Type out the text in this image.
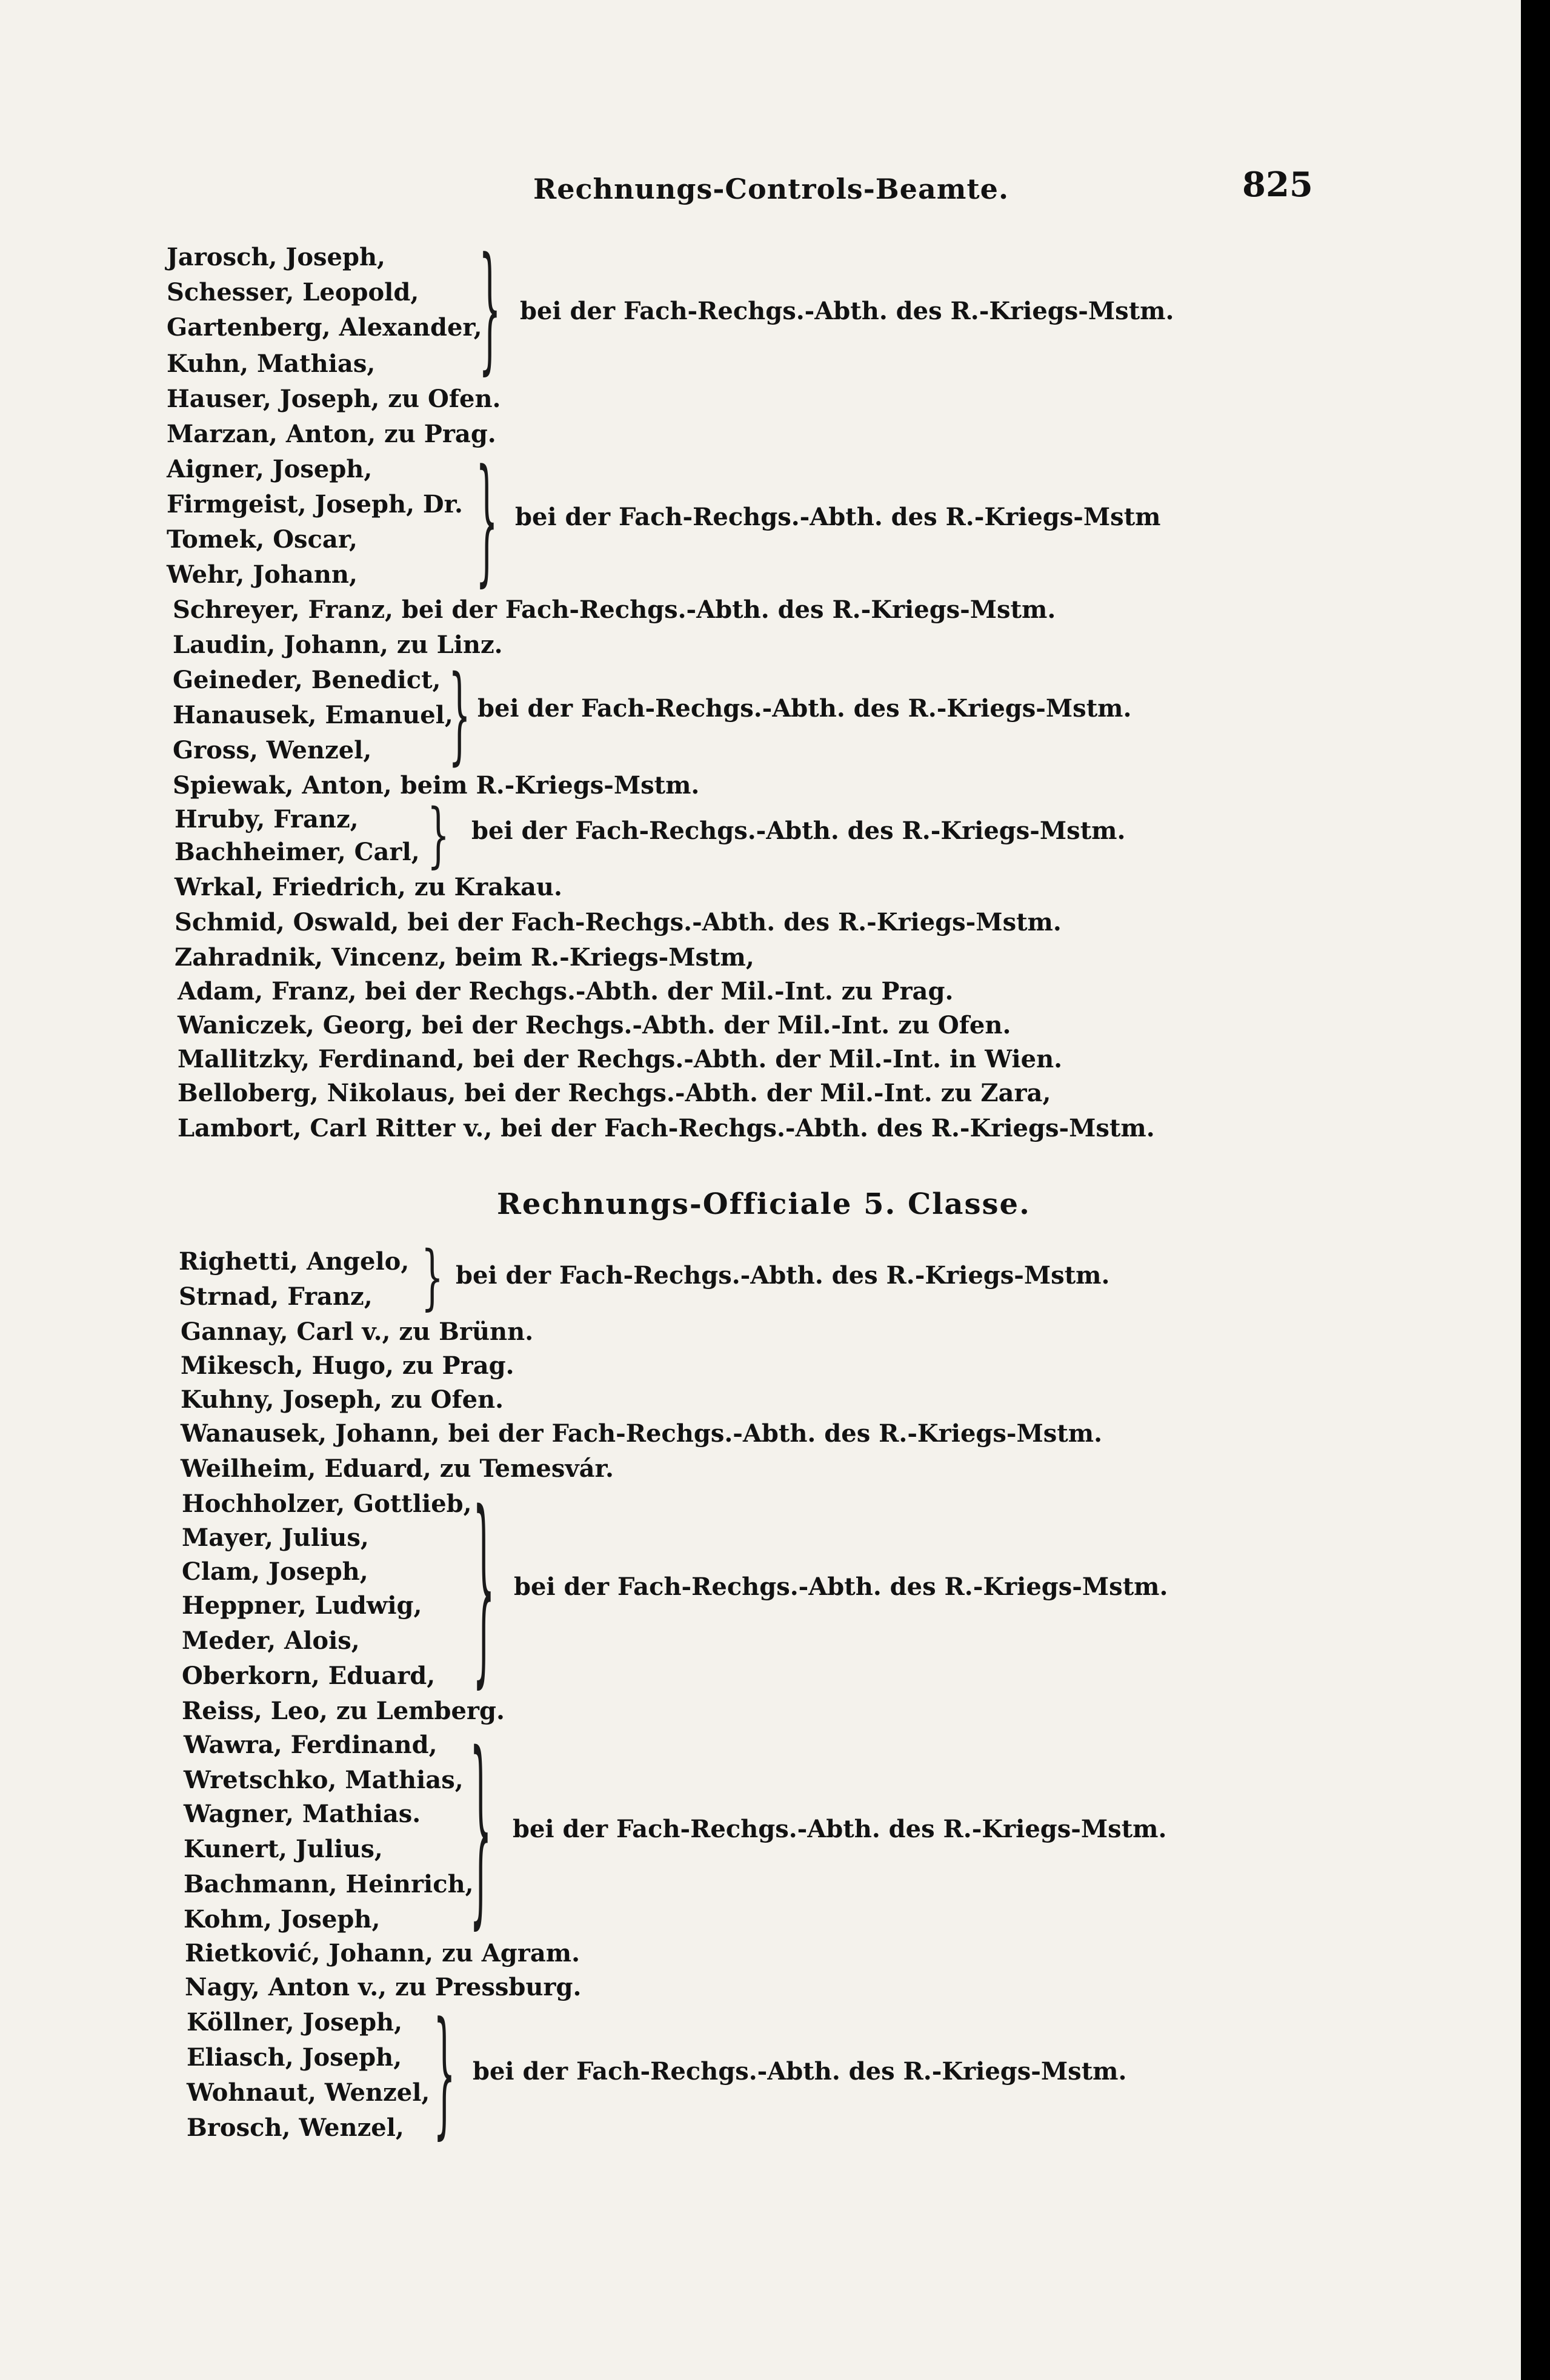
Rechnungs-Controls-Beamte.	825
Jarosch, Joseph,
Schesser, Leopold,
Gartenberg, Alexander,
Kuhn, Mathias,
Hauser, Joseph, zu Ofen.
Marzan, Anton, zu Prag.
Aigner, Joseph,
Firmgeist, Joseph, Dr.
Tomek, Oscar,
Wehr, Johann,
Schreyer, Franz, bei der Fach-Rechgs.-Abth. des R.-Kriegs-Mstm.
Laudin, Johann, zu Linz.
Geineder, Benedict,
Hanausek, Emanuel,
Gross, Wenzel,
Spiewak, Anton, beim R.-Kriegs-Mstm.
Hruby, Franz,
Bachheimer, Carl,
Wrkal, Friedrich, zu Krakau.
Schmid, Oswald, bei der Fach-Rechgs.-Abth. des R.-Kriegs-Mstm.
Zahradnik, Vincenz, beim R.-Kriegs-Mstm,
Adam, Franz, bei der Rechgs.-Abth. der Mil.-Int. zu Prag.
Waniczek, Georg, bei der Rechgs.-Abth. der Mil.-Int. zu Ofen.
Mallitzky, Ferdinand, bei der Rechgs.-Abth. der Mil.-Int. in Wien.
Belloberg, Nikolaus, bei der Rechgs.-Abth. der Mil.-Int. zu Zara,
Lambort, Carl Ritter v., bei der Fach-Rechgs.-Abth. des R.-Kriegs-Mstm.
} bei der Fach-Rechgs.-Abth. des R.-Kriegs-Mstm.
} bei der Fach-Rechgs.-Abth. des R.-Kriegs-Mstm
} bei der Fach-Rechgs.-Abth. des R.-Kriegs-Mstm.
} bei der Fach-Rechgs.-Abth. des R.-Kriegs-Mstm.
Rechnungs-Officiale 5. Classe.
Righetti, Angelo,
Strnad, Franz,
Gannay, Carl v., zu Brünn.
Mikesch, Hugo, zu Prag.
Kuhny, Joseph, zu Ofen.
Wanausek, Johann, bei der Fach-Rechgs.-Abth. des R.-Kriegs-Mstm.
Weilheim, Eduard, zu Temesvár.
Hochholzer, Gottlieb,
Mayer, Julius,
Clam, Joseph,
Heppner, Ludwig,
Meder, Alois,
Oberkorn, Eduard,
Reiss, Leo, zu Lemberg.
Wawra, Ferdinand,
Wretschko, Mathias,
Wagner, Mathias.
Kunert, Julius,
Bachmann, Heinrich,
Kohm, Joseph,
Rietković, Johann, zu Agram.
Nagy, Anton v., zu Pressburg.
Köllner, Joseph,
Eliasch, Joseph,
Wohnaut, Wenzel,
Brosch, Wenzel,
} bei der Fach-Rechgs.-Abth. des R.-Kriegs-Mstm.
} bei der Fach-Rechgs.-Abth. des R.-Kriegs-Mstm.
} bei der Fach-Rechgs.-Abth. des R.-Kriegs-Mstm.
} bei der Fach-Rechgs.-Abth. des R.-Kriegs-Mstm.
